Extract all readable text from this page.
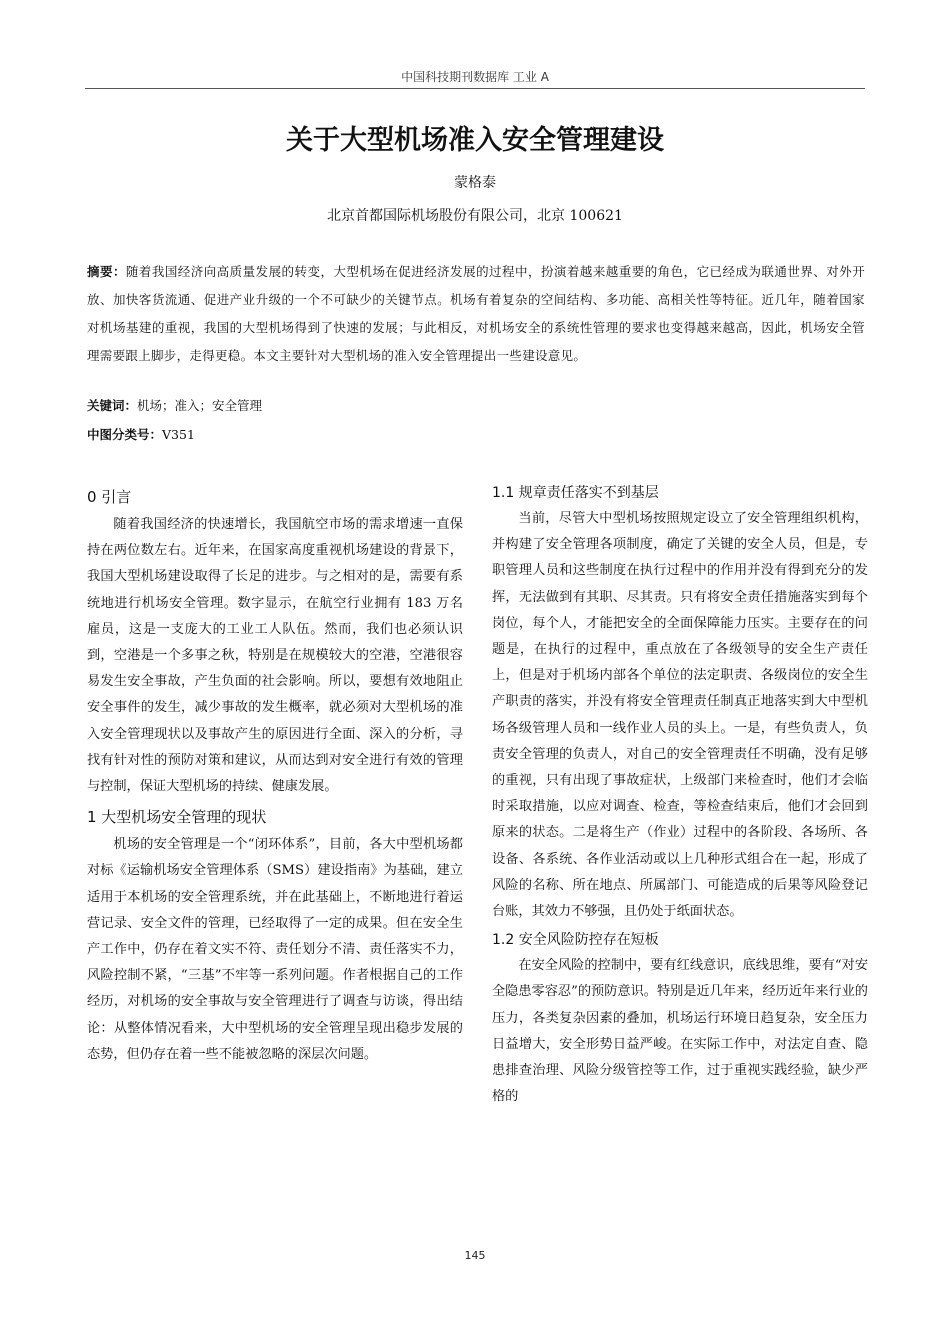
中国科技期刊数据库 工业 A
关于大型机场准入安全管理建设
蒙格泰
北京首都国际机场股份有限公司，北京 100621
摘要：随着我国经济向高质量发展的转变，大型机场在促进经济发展的过程中，扮演着越来越重要的角色，它已经成为联通世界、对外开放、加快客货流通、促进产业升级的一个不可缺少的关键节点。机场有着复杂的空间结构、多功能、高相关性等特征。近几年，随着国家对机场基建的重视，我国的大型机场得到了快速的发展；与此相反，对机场安全的系统性管理的要求也变得越来越高，因此，机场安全管理需要跟上脚步，走得更稳。本文主要针对大型机场的准入安全管理提出一些建设意见。
关键词：机场；准入；安全管理
中图分类号：V351
0 引言

随着我国经济的快速增长，我国航空市场的需求增速一直保持在两位数左右。近年来，在国家高度重视机场建设的背景下，我国大型机场建设取得了长足的进步。与之相对的是，需要有系统地进行机场安全管理。数字显示，在航空行业拥有 183 万名雇员，这是一支庞大的工业工人队伍。然而，我们也必须认识到，空港是一个多事之秋，特别是在规模较大的空港，空港很容易发生安全事故，产生负面的社会影响。所以，要想有效地阻止安全事件的发生，减少事故的发生概率，就必须对大型机场的准入安全管理现状以及事故产生的原因进行全面、深入的分析，寻找有针对性的预防对策和建议，从而达到对安全进行有效的管理与控制，保证大型机场的持续、健康发展。

1 大型机场安全管理的现状

机场的安全管理是一个“闭环体系”，目前，各大中型机场都对标《运输机场安全管理体系（SMS）建设指南》为基础，建立适用于本机场的安全管理系统，并在此基础上，不断地进行着运营记录、安全文件的管理，已经取得了一定的成果。但在安全生产工作中，仍存在着文实不符、责任划分不清、责任落实不力，风险控制不紧，“三基”不牢等一系列问题。作者根据自己的工作经历，对机场的安全事故与安全管理进行了调查与访谈，得出结论：从整体情况看来，大中型机场的安全管理呈现出稳步发展的态势，但仍存在着一些不能被忽略的深层次问题。

1.1 规章责任落实不到基层

当前，尽管大中型机场按照规定设立了安全管理组织机构，并构建了安全管理各项制度，确定了关键的安全人员，但是，专职管理人员和这些制度在执行过程中的作用并没有得到充分的发挥，无法做到有其职、尽其责。只有将安全责任措施落实到每个岗位，每个人，才能把安全的全面保障能力压实。主要存在的问题是，在执行的过程中，重点放在了各级领导的安全生产责任上，但是对于机场内部各个单位的法定职责、各级岗位的安全生产职责的落实，并没有将安全管理责任制真正地落实到大中型机场各级管理人员和一线作业人员的头上。一是，有些负责人，负责安全管理的负责人，对自己的安全管理责任不明确，没有足够的重视，只有出现了事故症状，上级部门来检查时，他们才会临时采取措施，以应对调查、检查，等检查结束后，他们才会回到原来的状态。二是将生产（作业）过程中的各阶段、各场所、各设备、各系统、各作业活动或以上几种形式组合在一起，形成了风险的名称、所在地点、所属部门、可能造成的后果等风险登记台账，其效力不够强，且仍处于纸面状态。

1.2 安全风险防控存在短板

在安全风险的控制中，要有红线意识，底线思维，要有“对安全隐患零容忍”的预防意识。特别是近几年来，经历近年来行业的压力，各类复杂因素的叠加，机场运行环境日趋复杂，安全压力日益增大，安全形势日益严峻。在实际工作中，对法定自查、隐患排查治理、风险分级管控等工作，过于重视实践经验，缺少严格的

145
